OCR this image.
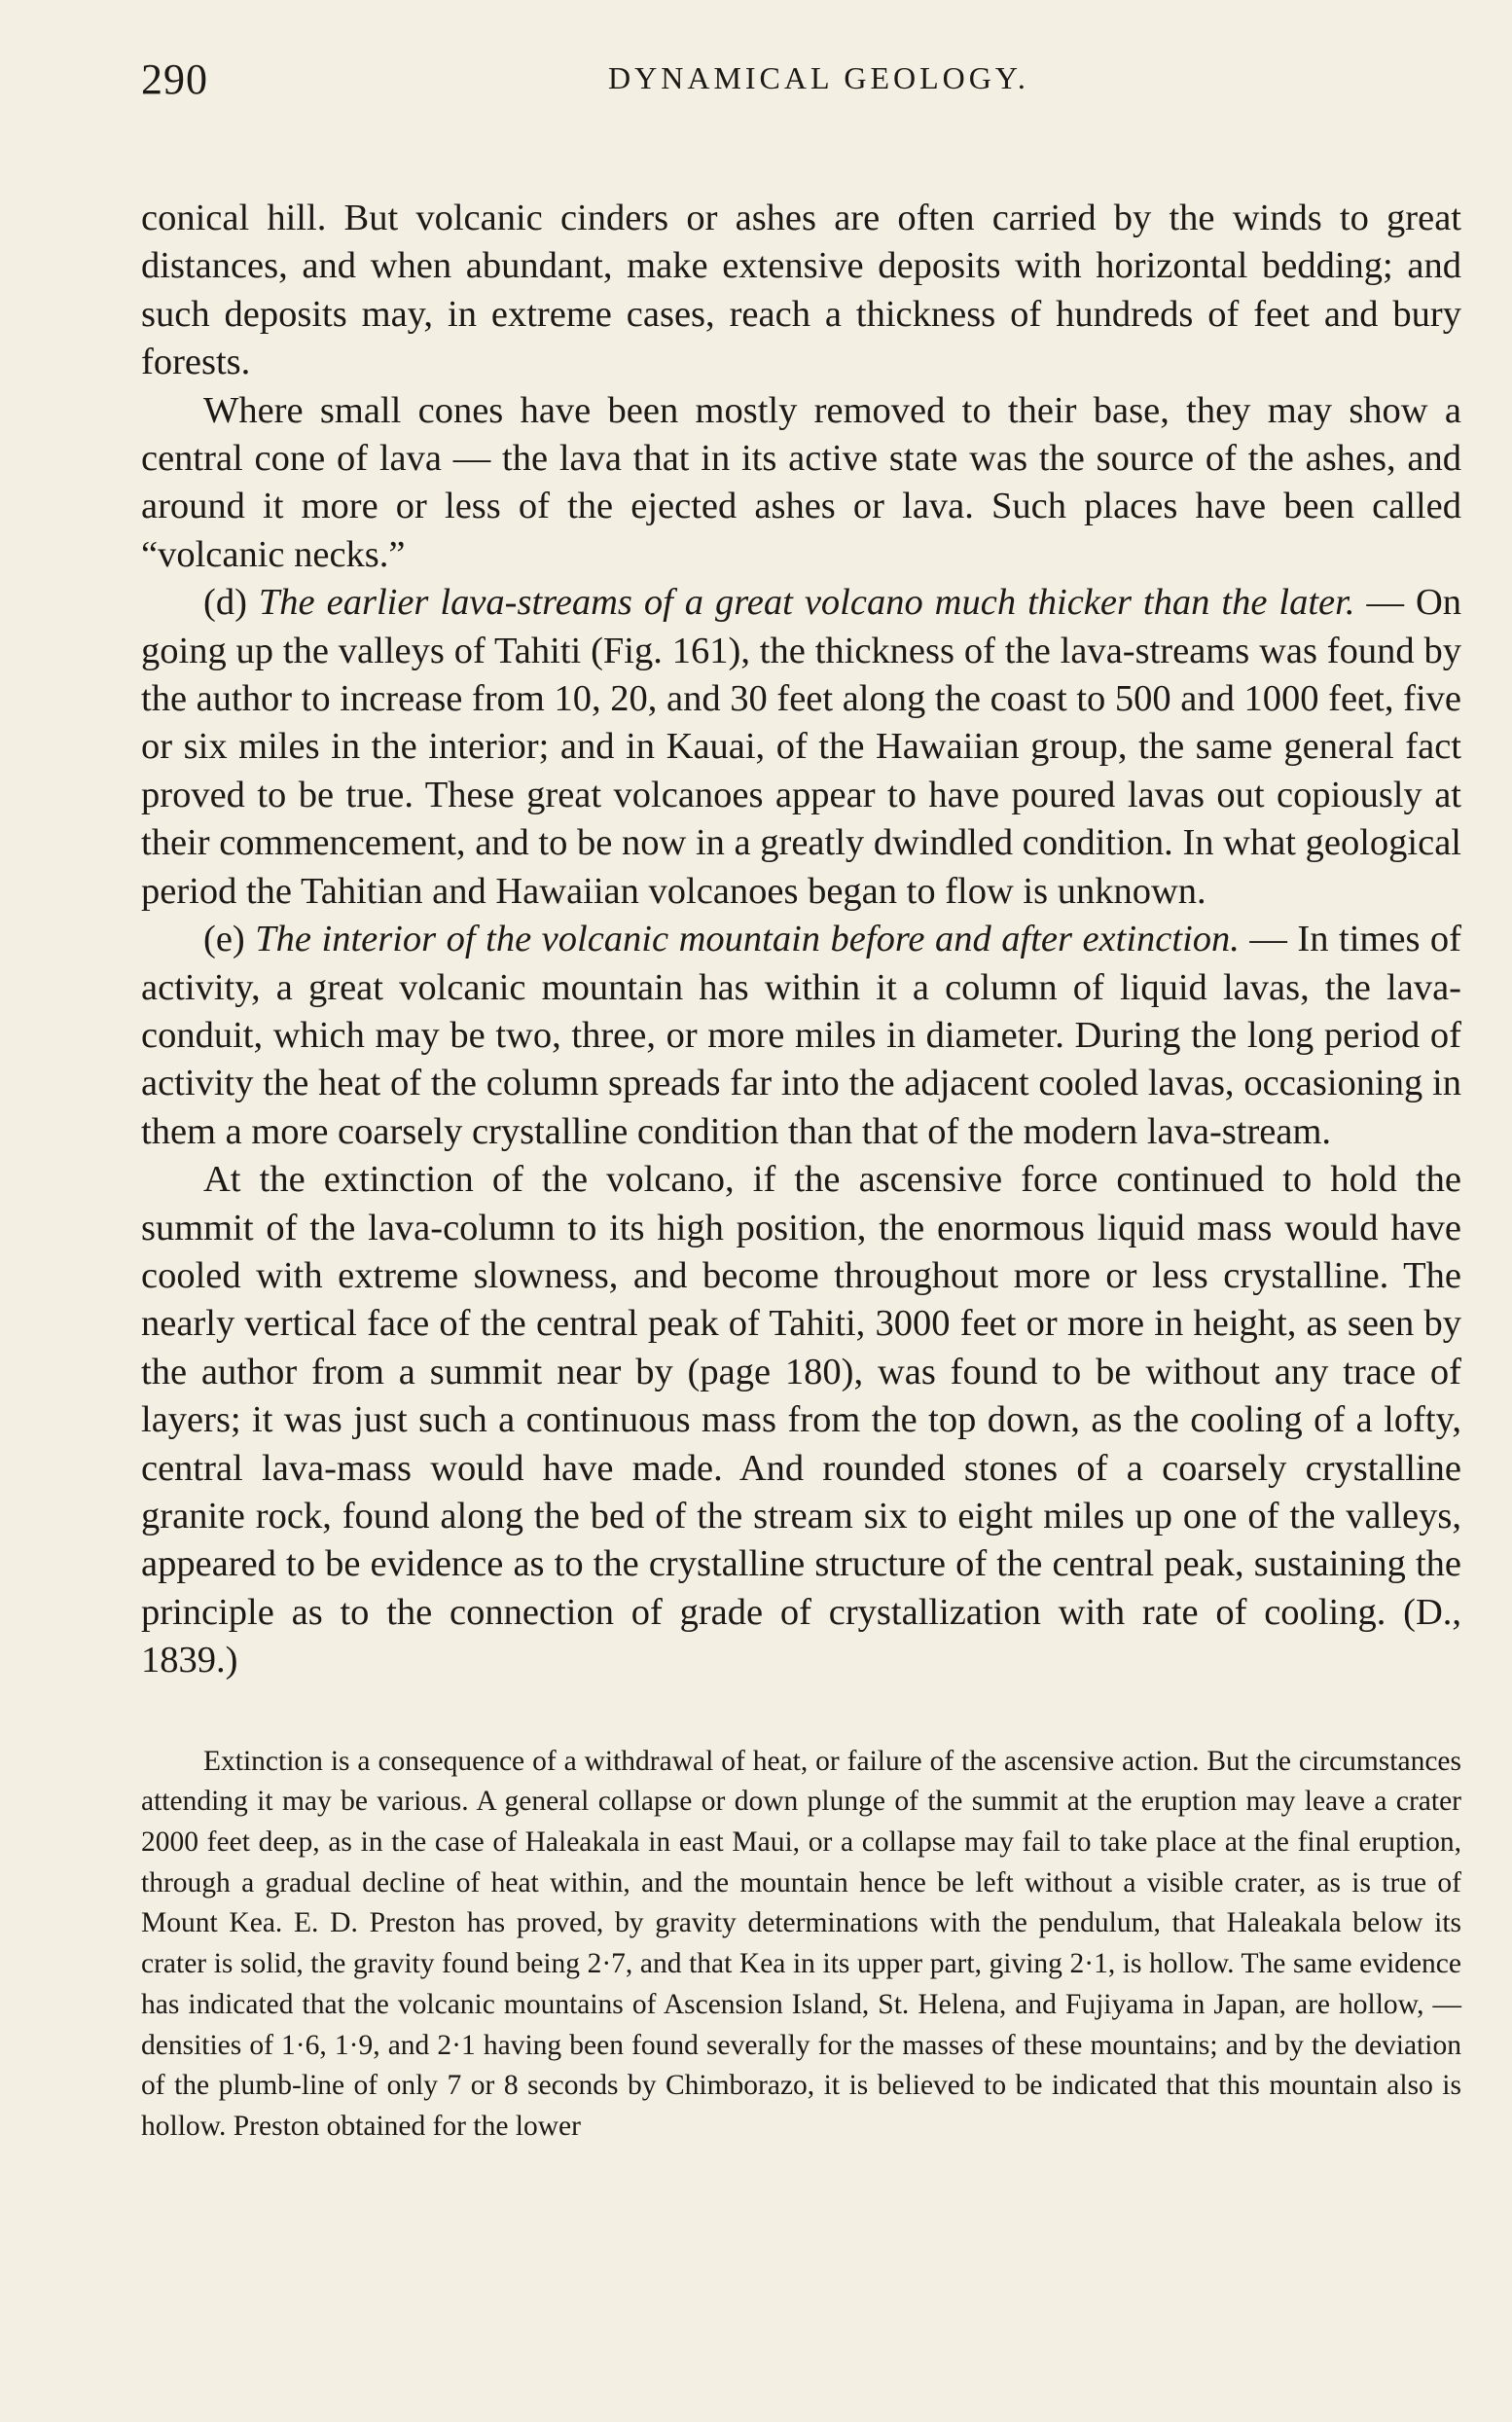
290	DYNAMICAL GEOLOGY.

conical hill. But volcanic cinders or ashes are often carried by the winds to great distances, and when abundant, make extensive deposits with horizontal bedding; and such deposits may, in extreme cases, reach a thickness of hundreds of feet and bury forests.

Where small cones have been mostly removed to their base, they may show a central cone of lava — the lava that in its active state was the source of the ashes, and around it more or less of the ejected ashes or lava. Such places have been called “volcanic necks.”

(d) The earlier lava-streams of a great volcano much thicker than the later. — On going up the valleys of Tahiti (Fig. 161), the thickness of the lava-streams was found by the author to increase from 10, 20, and 30 feet along the coast to 500 and 1000 feet, five or six miles in the interior; and in Kauai, of the Hawaiian group, the same general fact proved to be true. These great volcanoes appear to have poured lavas out copiously at their commencement, and to be now in a greatly dwindled condition. In what geological period the Tahitian and Hawaiian volcanoes began to flow is unknown.

(e) The interior of the volcanic mountain before and after extinction. — In times of activity, a great volcanic mountain has within it a column of liquid lavas, the lava-conduit, which may be two, three, or more miles in diameter. During the long period of activity the heat of the column spreads far into the adjacent cooled lavas, occasioning in them a more coarsely crystalline condition than that of the modern lava-stream.

At the extinction of the volcano, if the ascensive force continued to hold the summit of the lava-column to its high position, the enormous liquid mass would have cooled with extreme slowness, and become throughout more or less crystalline. The nearly vertical face of the central peak of Tahiti, 3000 feet or more in height, as seen by the author from a summit near by (page 180), was found to be without any trace of layers; it was just such a continuous mass from the top down, as the cooling of a lofty, central lava-mass would have made. And rounded stones of a coarsely crystalline granite rock, found along the bed of the stream six to eight miles up one of the valleys, appeared to be evidence as to the crystalline structure of the central peak, sustaining the principle as to the connection of grade of crystallization with rate of cooling. (D., 1839.)

Extinction is a consequence of a withdrawal of heat, or failure of the ascensive action. But the circumstances attending it may be various. A general collapse or down plunge of the summit at the eruption may leave a crater 2000 feet deep, as in the case of Haleakala in east Maui, or a collapse may fail to take place at the final eruption, through a gradual decline of heat within, and the mountain hence be left without a visible crater, as is true of Mount Kea. E. D. Preston has proved, by gravity determinations with the pendulum, that Haleakala below its crater is solid, the gravity found being 2·7, and that Kea in its upper part, giving 2·1, is hollow. The same evidence has indicated that the volcanic mountains of Ascension Island, St. Helena, and Fujiyama in Japan, are hollow, — densities of 1·6, 1·9, and 2·1 having been found severally for the masses of these mountains; and by the deviation of the plumb-line of only 7 or 8 seconds by Chimborazo, it is believed to be indicated that this mountain also is hollow. Preston obtained for the lower
